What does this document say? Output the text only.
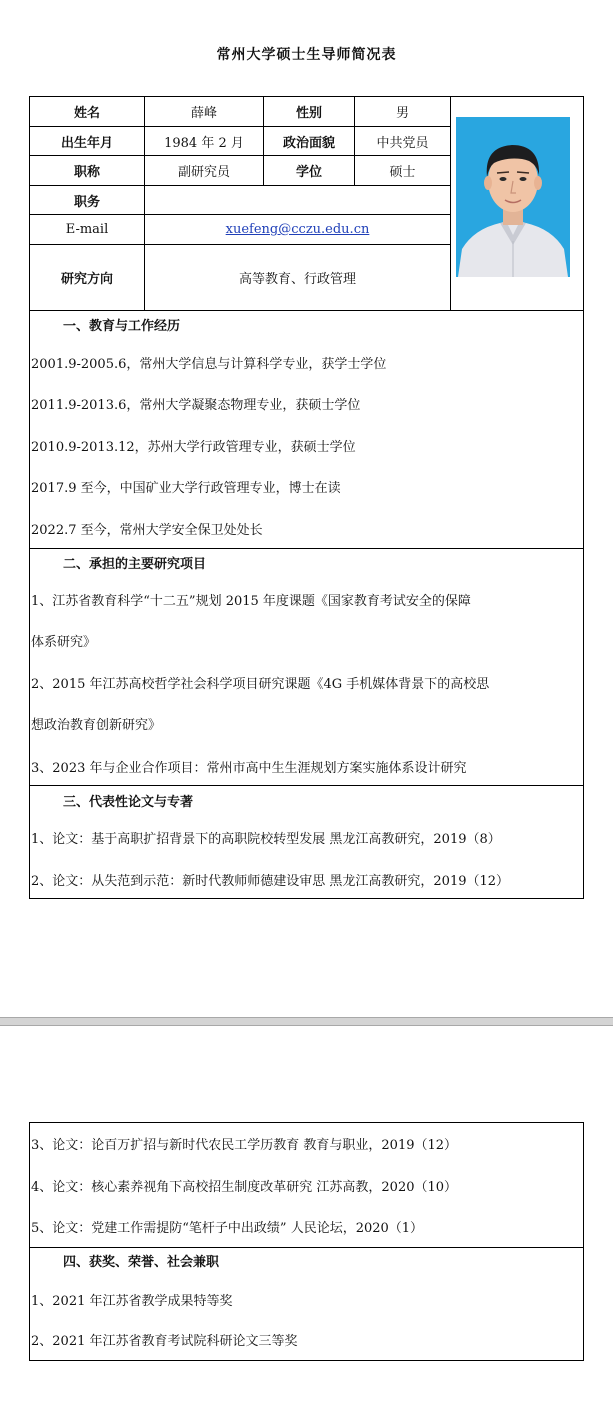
常州大学硕士生导师简况表
姓名	薛峰	性别	男
出生年月	1984 年 2 月	政治面貌	中共党员
职称	副研究员	学位	硕士
职务
E-mail	xuefeng@cczu.edu.cn
研究方向	高等教育、行政管理
一、教育与工作经历
2001.9-2005.6，常州大学信息与计算科学专业，获学士学位
2011.9-2013.6，常州大学凝聚态物理专业，获硕士学位
2010.9-2013.12，苏州大学行政管理专业，获硕士学位
2017.9 至今，中国矿业大学行政管理专业，博士在读
2022.7 至今，常州大学安全保卫处处长
二、承担的主要研究项目
1、江苏省教育科学“十二五”规划 2015 年度课题《国家教育考试安全的保障
体系研究》
2、2015 年江苏高校哲学社会科学项目研究课题《4G 手机媒体背景下的高校思
想政治教育创新研究》
3、2023 年与企业合作项目：常州市高中生生涯规划方案实施体系设计研究
三、代表性论文与专著
1、论文：基于高职扩招背景下的高职院校转型发展 黑龙江高教研究，2019（8）
2、论文：从失范到示范：新时代教师师德建设审思 黑龙江高教研究，2019（12）
3、论文：论百万扩招与新时代农民工学历教育 教育与职业，2019（12）
4、论文：核心素养视角下高校招生制度改革研究 江苏高教，2020（10）
5、论文：党建工作需提防“笔杆子中出政绩” 人民论坛，2020（1）
四、获奖、荣誉、社会兼职
1、2021 年江苏省教学成果特等奖
2、2021 年江苏省教育考试院科研论文三等奖
